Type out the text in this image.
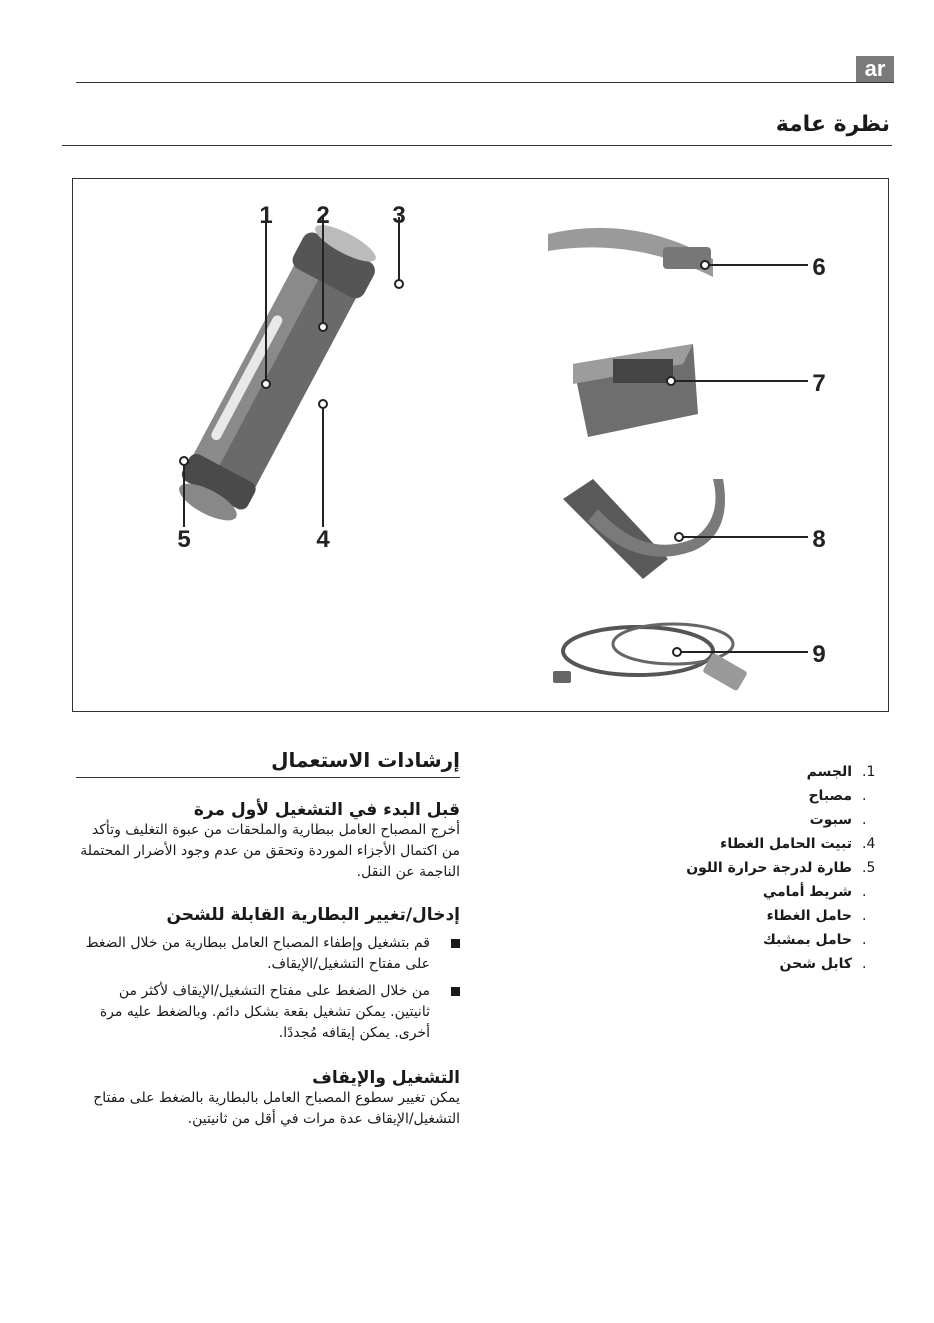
ar
نظرة عامة
1 2	3
4
5
6
7
8
9
إرشادات الاستعمال
قبل البدء في التشغيل لأول مرة
أخرج المصباح العامل ببطارية والملحقات من عبوة التغليف وتأكد من اكتمال الأجزاء الموردة وتحقق من عدم وجود الأضرار المحتملة الناجمة عن النقل.
إدخال/تغيير البطارية القابلة للشحن
قم بتشغيل وإطفاء المصباح العامل ببطارية من خلال الضغط على مفتاح التشغيل/الإيقاف.
من خلال الضغط على مفتاح التشغيل/الإيقاف لأكثر من ثانيتين. يمكن تشغيل بقعة بشكل دائم. وبالضغط عليه مرة أخرى. يمكن إيقافه مُجددًا.
التشغيل والإيقاف
يمكن تغيير سطوع المصباح العامل بالبطارية بالضغط على مفتاح التشغيل/الإيقاف عدة مرات في أقل من ثانيتين.
.1
الجسم
.
مصباح
.
سبوت
.4
تبيت الحامل الغطاء
.5
طارة لدرجة حرارة اللون
.
شريط أمامي
.
حامل الغطاء
.
حامل بمشبك
.
كابل شحن
